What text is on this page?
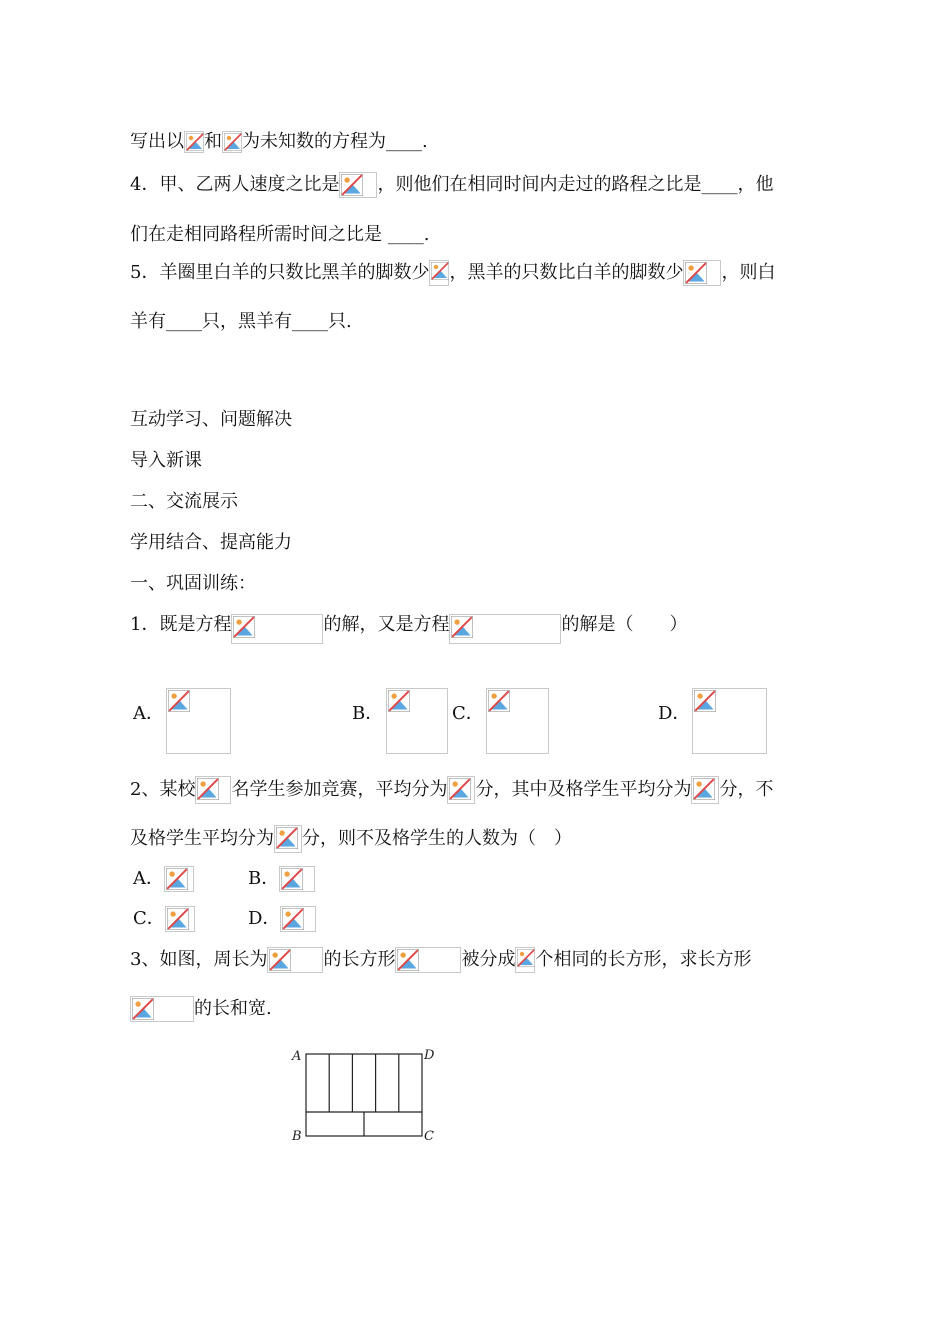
写出以 和 为未知数的方程为____.
4．甲、乙两人速度之比是 ，则他们在相同时间内走过的路程之比是____，他
们在走相同路程所需时间之比是 ____.
5．羊圈里白羊的只数比黑羊的脚数少 ，黑羊的只数比白羊的脚数少 ，则白
羊有____只，黑羊有____只.
互动学习、问题解决
导入新课
二、交流展示
学用结合、提高能力
一、巩固训练：
1．既是方程	的解，又是方程	的解是（　　）
A．	B．	C．	D．
2、某校 名学生参加竞赛，平均分为 分，其中及格学生平均分为 分，不
及格学生平均分为 分，则不及格学生的人数为（　）
A．	B．
C．	D．
3、如图，周长为	的长方形	被分成 个相同的长方形，求长方形
的长和宽.
A	D
B	C
